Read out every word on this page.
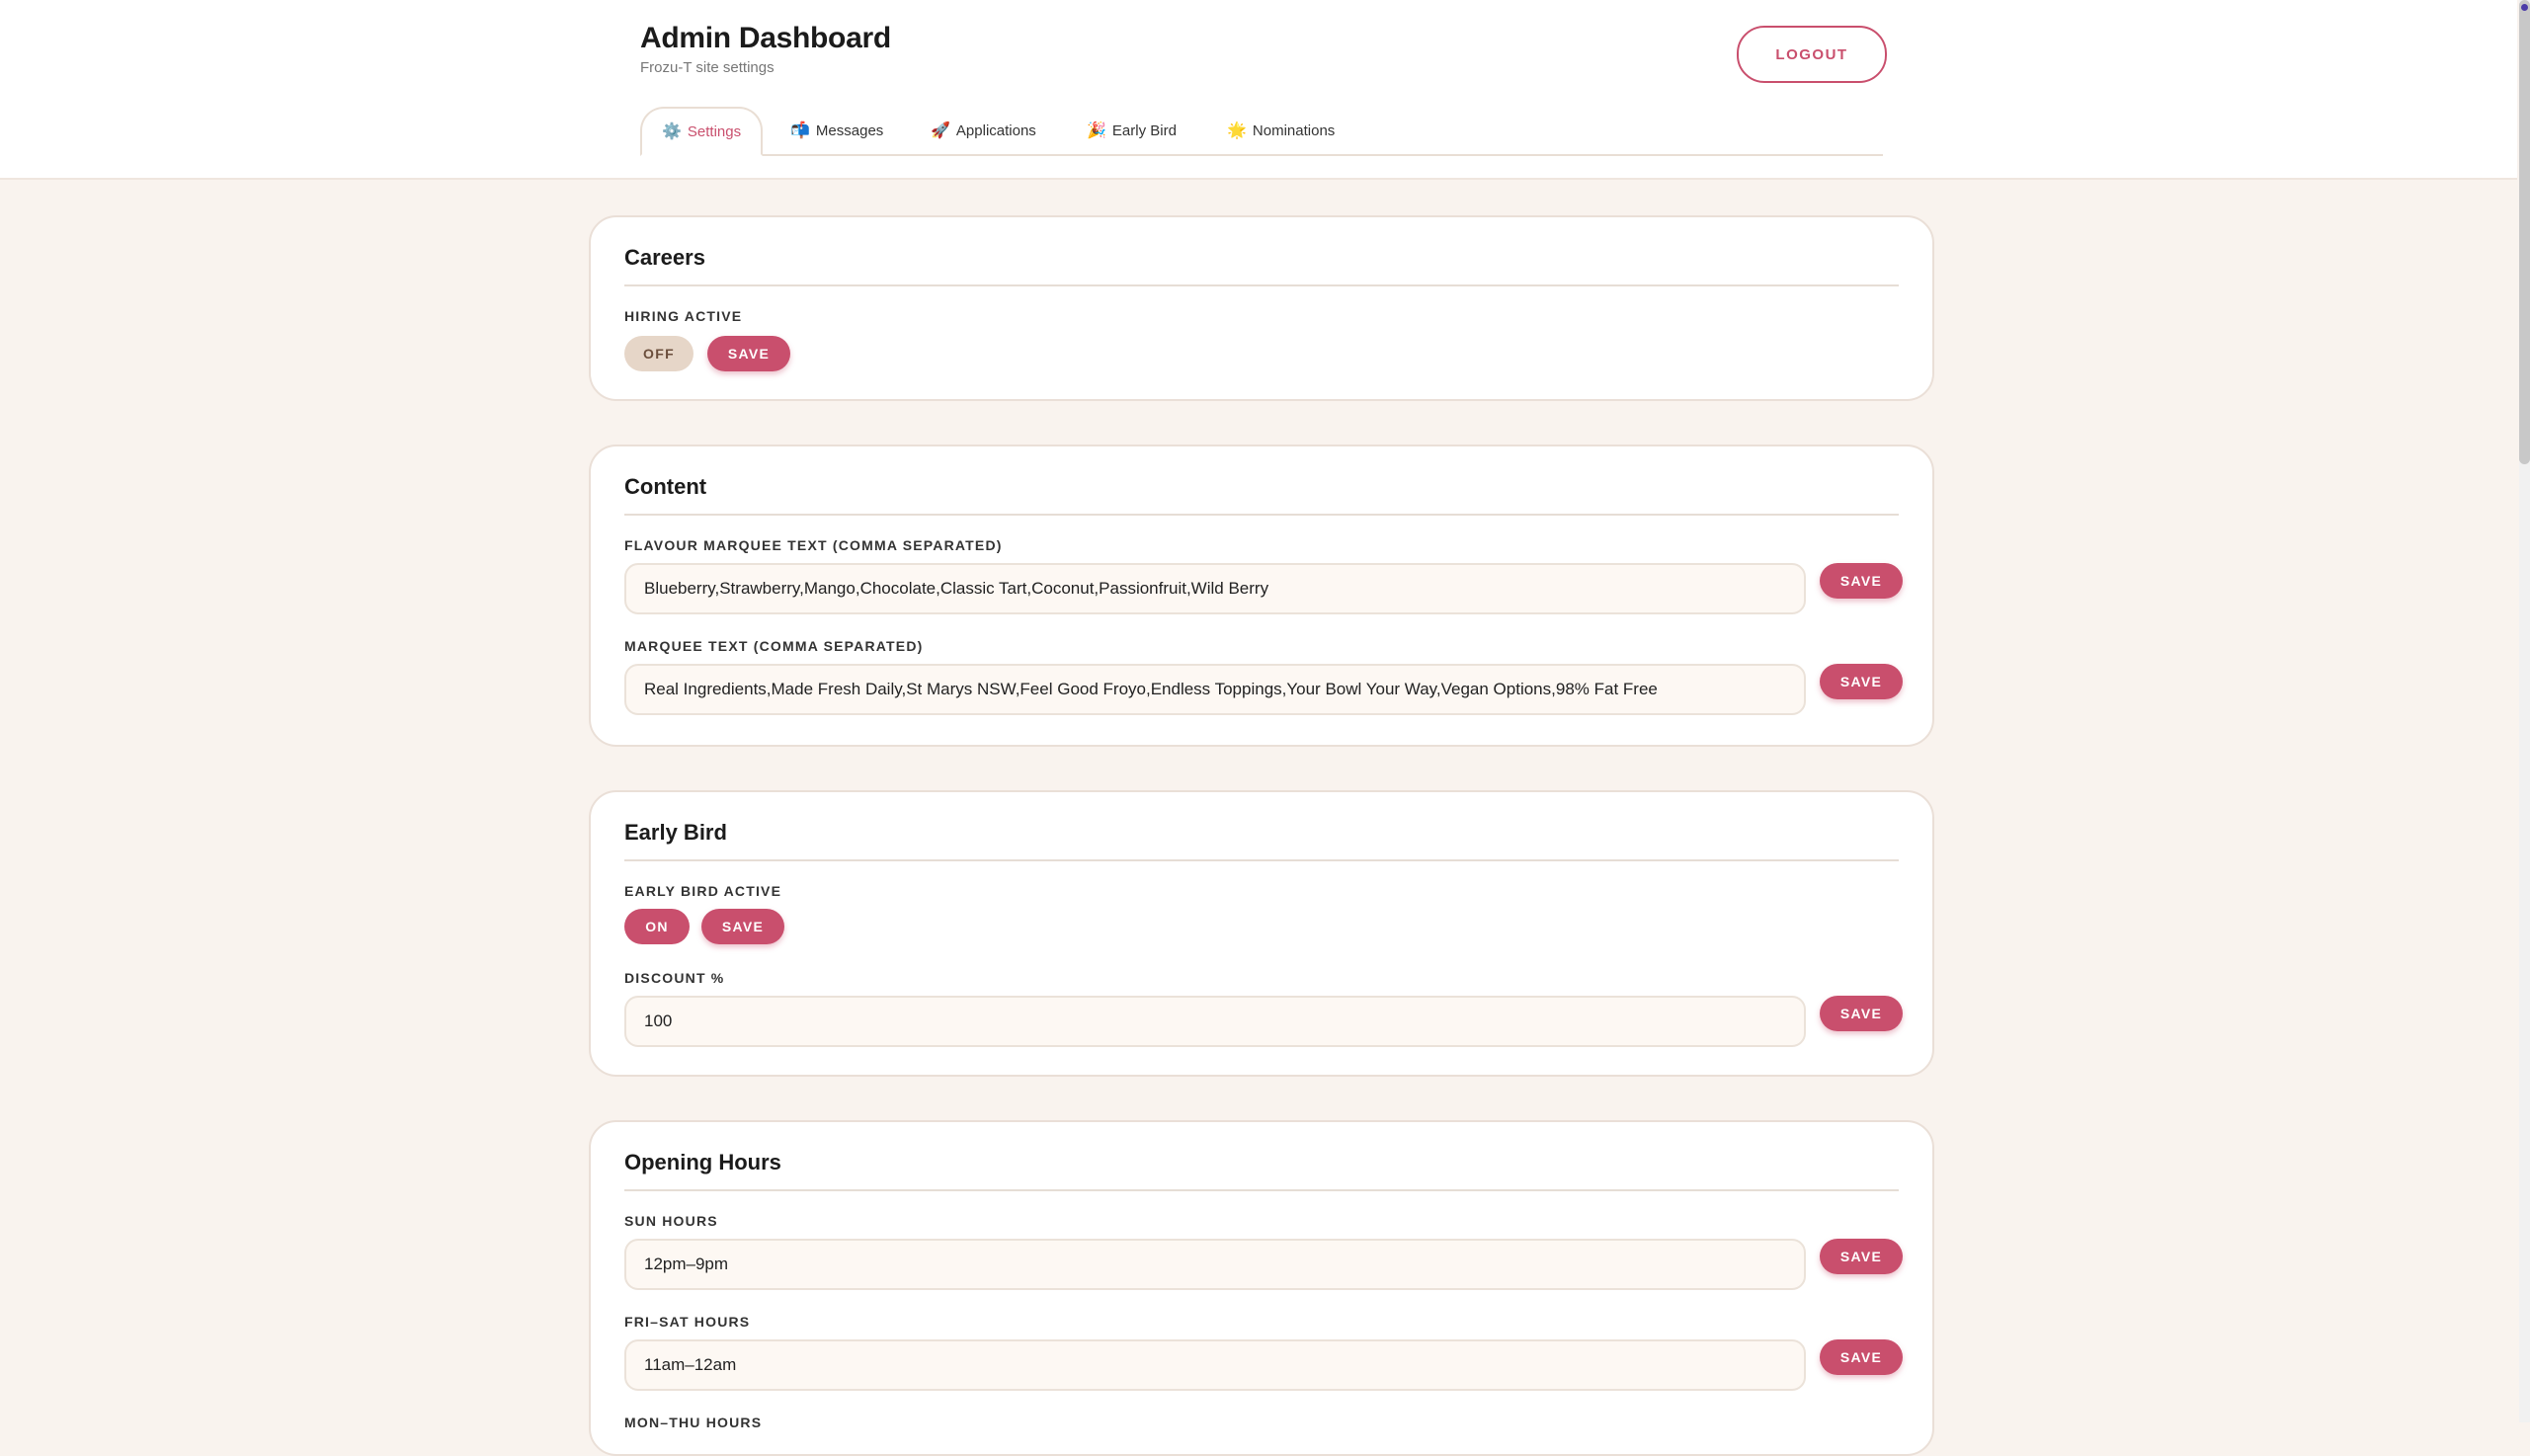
Admin Dashboard
Frozu-T site settings
LOGOUT
⚙️ Settings	📬 Messages	🚀 Applications	🎉 Early Bird	🌟 Nominations
Careers
HIRING ACTIVE
OFF	SAVE
Content
FLAVOUR MARQUEE TEXT (COMMA SEPARATED)
Blueberry,Strawberry,Mango,Chocolate,Classic Tart,Coconut,Passionfruit,Wild Berry	SAVE
MARQUEE TEXT (COMMA SEPARATED)
Real Ingredients,Made Fresh Daily,St Marys NSW,Feel Good Froyo,Endless Toppings,Your Bowl Your Way,Vegan Options,98% Fat Free	SAVE
Early Bird
EARLY BIRD ACTIVE
ON	SAVE
DISCOUNT %
100	SAVE
Opening Hours
SUN HOURS
12pm–9pm	SAVE
FRI–SAT HOURS
11am–12am	SAVE
MON–THU HOURS
